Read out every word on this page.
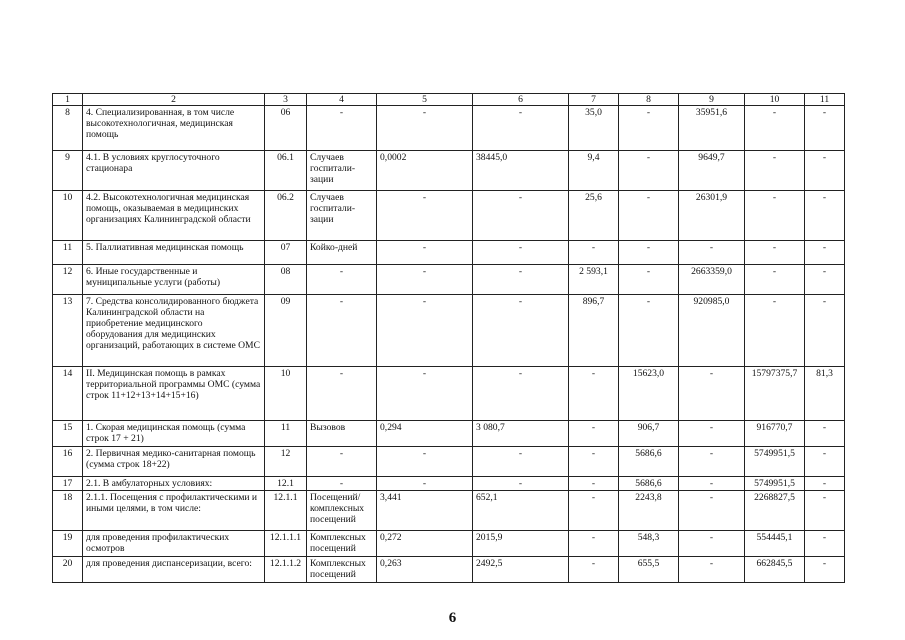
1	2	3	4	5	6	7	8	9	10	11
8	4. Специализированная, в том числе высокотехнологичная, медицинская помощь	06	-	-	-	35,0	-	35951,6	-	-
9	4.1. В условиях круглосуточного стационара	06.1	Случаев госпитали-зации	0,0002	38445,0	9,4	-	9649,7	-	-
10	4.2. Высокотехнологичная медицинская помощь, оказываемая в медицинских организациях Калининградской области	06.2	Случаев госпитали-зации	-	-	25,6	-	26301,9	-	-
11	5. Паллиативная медицинская помощь	07	Койко-дней	-	-	-	-	-	-	-
12	6. Иные государственные и муниципальные услуги (работы)	08	-	-	-	2 593,1	-	2663359,0	-	-
13	7. Средства консолидированного бюджета Калининградской области на приобретение медицинского оборудования для медицинских организаций, работающих в системе ОМС	09	-	-	-	896,7	-	920985,0	-	-
14	II. Медицинская помощь в рамках территориальной программы ОМС (сумма строк 11+12+13+14+15+16)	10	-	-	-	-	15623,0	-	15797375,7	81,3
15	1. Скорая медицинская помощь (сумма строк 17 + 21)	11	Вызовов	0,294	3 080,7	-	906,7	-	916770,7	-
16	2. Первичная медико-санитарная помощь (сумма строк 18+22)	12	-	-	-	-	5686,6	-	5749951,5	-
17	2.1. В амбулаторных условиях:	12.1	-	-	-	-	5686,6	-	5749951,5	-
18	2.1.1. Посещения с профилактическими и иными целями, в том числе:	12.1.1	Посещений/ комплексных посещений	3,441	652,1	-	2243,8	-	2268827,5	-
19	для проведения профилактических осмотров	12.1.1.1	Комплексных посещений	0,272	2015,9	-	548,3	-	554445,1	-
20	для проведения диспансеризации, всего:	12.1.1.2	Комплексных посещений	0,263	2492,5	-	655,5	-	662845,5	-
6
